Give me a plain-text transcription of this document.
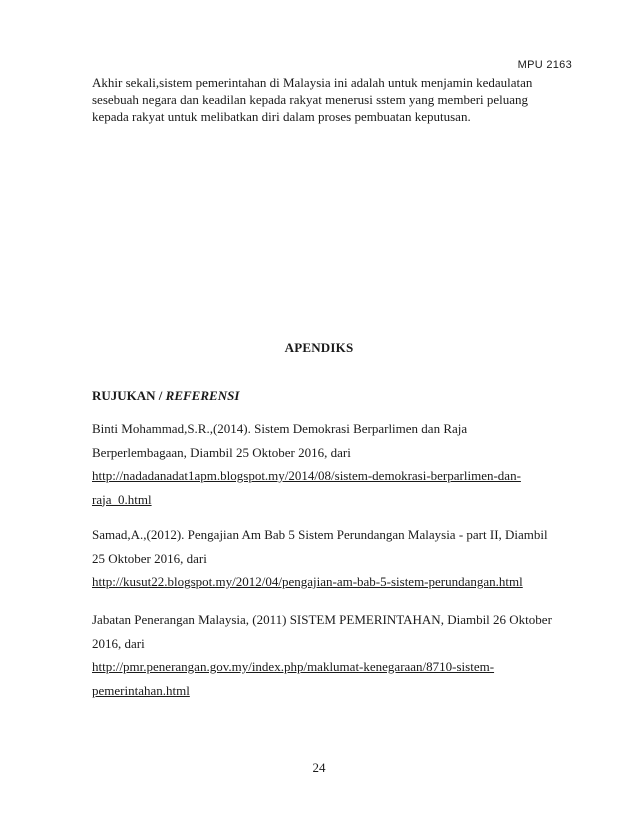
MPU 2163

Akhir sekali,sistem pemerintahan di Malaysia ini adalah untuk menjamin kedaulatan
sesebuah negara dan keadilan kepada rakyat menerusi sstem yang memberi peluang
kepada rakyat untuk melibatkan diri dalam proses pembuatan keputusan.

APENDIKS
RUJUKAN / REFERENSI
Binti Mohammad,S.R.,(2014). Sistem Demokrasi Berparlimen dan Raja
Berperlembagaan, Diambil 25 Oktober 2016, dari
http://nadadanadat1apm.blogspot.my/2014/08/sistem-demokrasi-berparlimen-dan-
raja_0.html
Samad,A.,(2012). Pengajian Am Bab 5 Sistem Perundangan Malaysia - part II, Diambil
25 Oktober 2016, dari
http://kusut22.blogspot.my/2012/04/pengajian-am-bab-5-sistem-perundangan.html
Jabatan Penerangan Malaysia, (2011) SISTEM PEMERINTAHAN, Diambil 26 Oktober
2016, dari
http://pmr.penerangan.gov.my/index.php/maklumat-kenegaraan/8710-sistem-
pemerintahan.html
24
